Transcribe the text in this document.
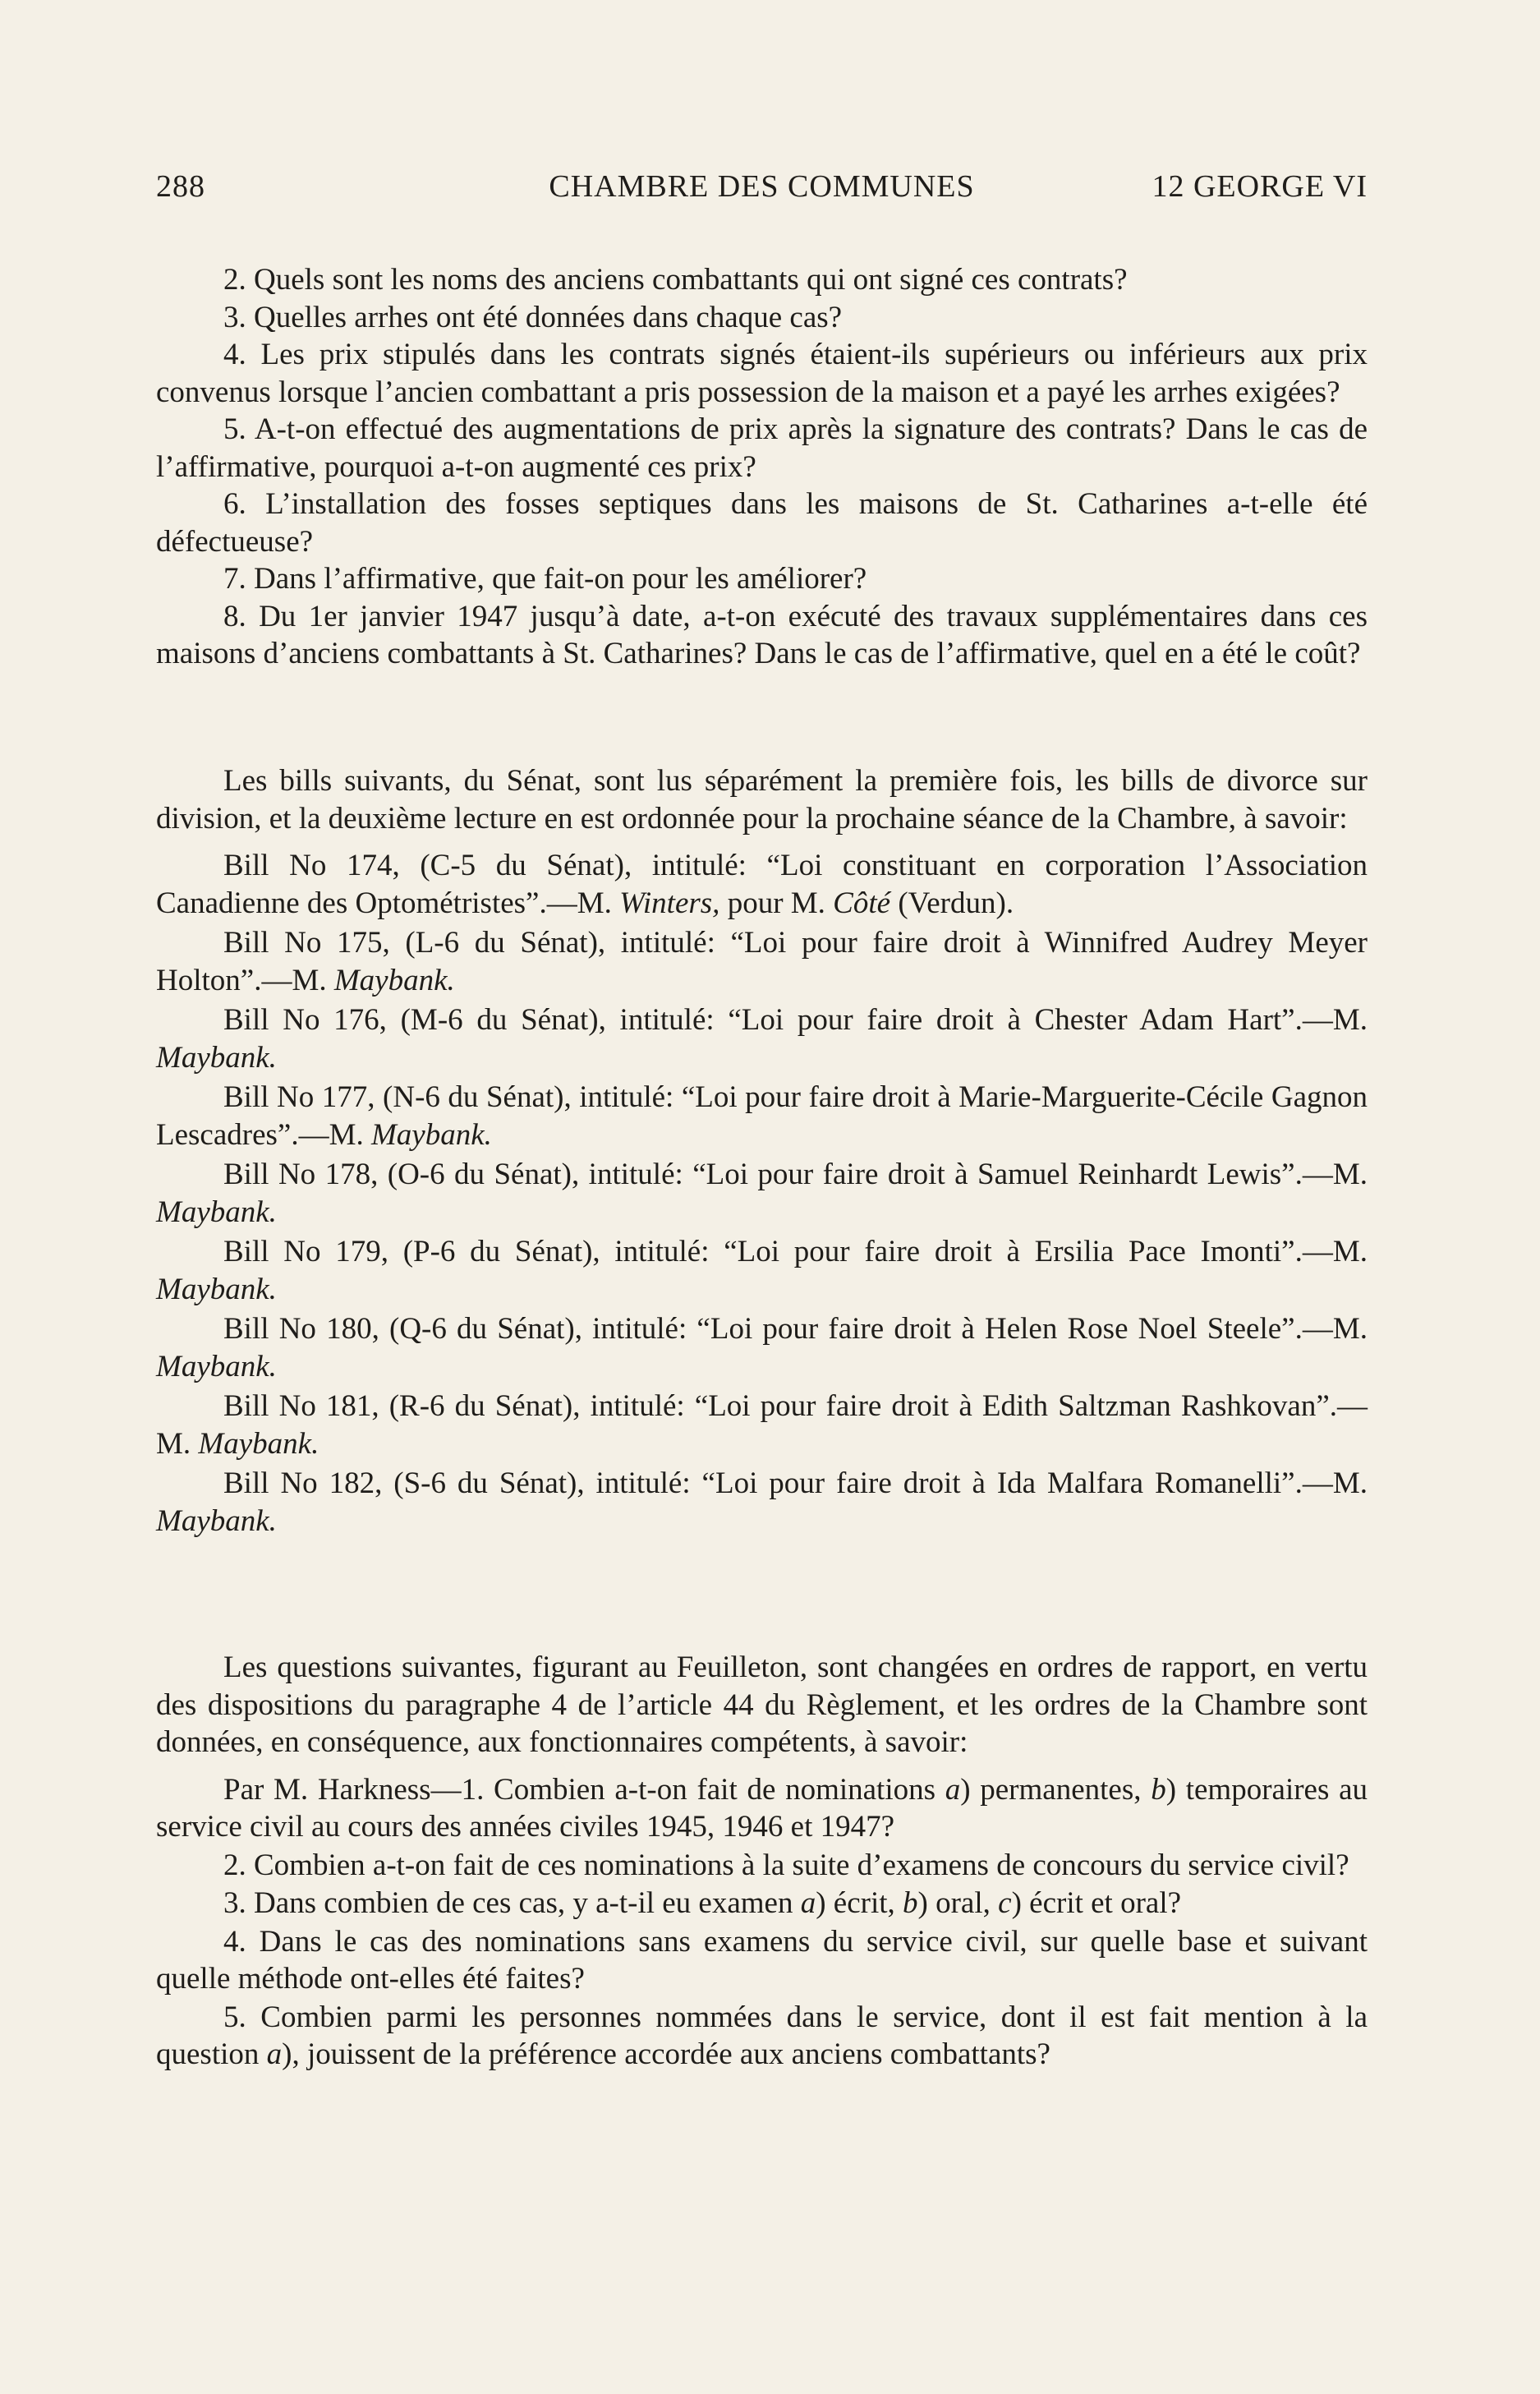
288	CHAMBRE DES COMMUNES	12 GEORGE VI

2. Quels sont les noms des anciens combattants qui ont signé ces contrats?

3. Quelles arrhes ont été données dans chaque cas?

4. Les prix stipulés dans les contrats signés étaient-ils supérieurs ou inférieurs aux prix convenus lorsque l’ancien combattant a pris possession de la maison et a payé les arrhes exigées?

5. A-t-on effectué des augmentations de prix après la signature des contrats? Dans le cas de l’affirmative, pourquoi a-t-on augmenté ces prix?

6. L’installation des fosses septiques dans les maisons de St. Catharines a-t-elle été défectueuse?

7. Dans l’affirmative, que fait-on pour les améliorer?

8. Du 1er janvier 1947 jusqu’à date, a-t-on exécuté des travaux supplémentaires dans ces maisons d’anciens combattants à St. Catharines? Dans le cas de l’affirmative, quel en a été le coût?

Les bills suivants, du Sénat, sont lus séparément la première fois, les bills de divorce sur division, et la deuxième lecture en est ordonnée pour la prochaine séance de la Chambre, à savoir:

Bill No 174, (C-5 du Sénat), intitulé: “Loi constituant en corporation l’Association Canadienne des Optométristes”.—M. Winters, pour M. Côté (Verdun).

Bill No 175, (L-6 du Sénat), intitulé: “Loi pour faire droit à Winnifred Audrey Meyer Holton”.—M. Maybank.

Bill No 176, (M-6 du Sénat), intitulé: “Loi pour faire droit à Chester Adam Hart”.—M. Maybank.

Bill No 177, (N-6 du Sénat), intitulé: “Loi pour faire droit à Marie-Marguerite-Cécile Gagnon Lescadres”.—M. Maybank.

Bill No 178, (O-6 du Sénat), intitulé: “Loi pour faire droit à Samuel Reinhardt Lewis”.—M. Maybank.

Bill No 179, (P-6 du Sénat), intitulé: “Loi pour faire droit à Ersilia Pace Imonti”.—M. Maybank.

Bill No 180, (Q-6 du Sénat), intitulé: “Loi pour faire droit à Helen Rose Noel Steele”.—M. Maybank.

Bill No 181, (R-6 du Sénat), intitulé: “Loi pour faire droit à Edith Saltzman Rashkovan”.—M. Maybank.

Bill No 182, (S-6 du Sénat), intitulé: “Loi pour faire droit à Ida Malfara Romanelli”.—M. Maybank.

Les questions suivantes, figurant au Feuilleton, sont changées en ordres de rapport, en vertu des dispositions du paragraphe 4 de l’article 44 du Règlement, et les ordres de la Chambre sont données, en conséquence, aux fonctionnaires compétents, à savoir:

Par M. Harkness—1. Combien a-t-on fait de nominations a) permanentes, b) temporaires au service civil au cours des années civiles 1945, 1946 et 1947?

2. Combien a-t-on fait de ces nominations à la suite d’examens de concours du service civil?

3. Dans combien de ces cas, y a-t-il eu examen a) écrit, b) oral, c) écrit et oral?

4. Dans le cas des nominations sans examens du service civil, sur quelle base et suivant quelle méthode ont-elles été faites?

5. Combien parmi les personnes nommées dans le service, dont il est fait mention à la question a), jouissent de la préférence accordée aux anciens combattants?
